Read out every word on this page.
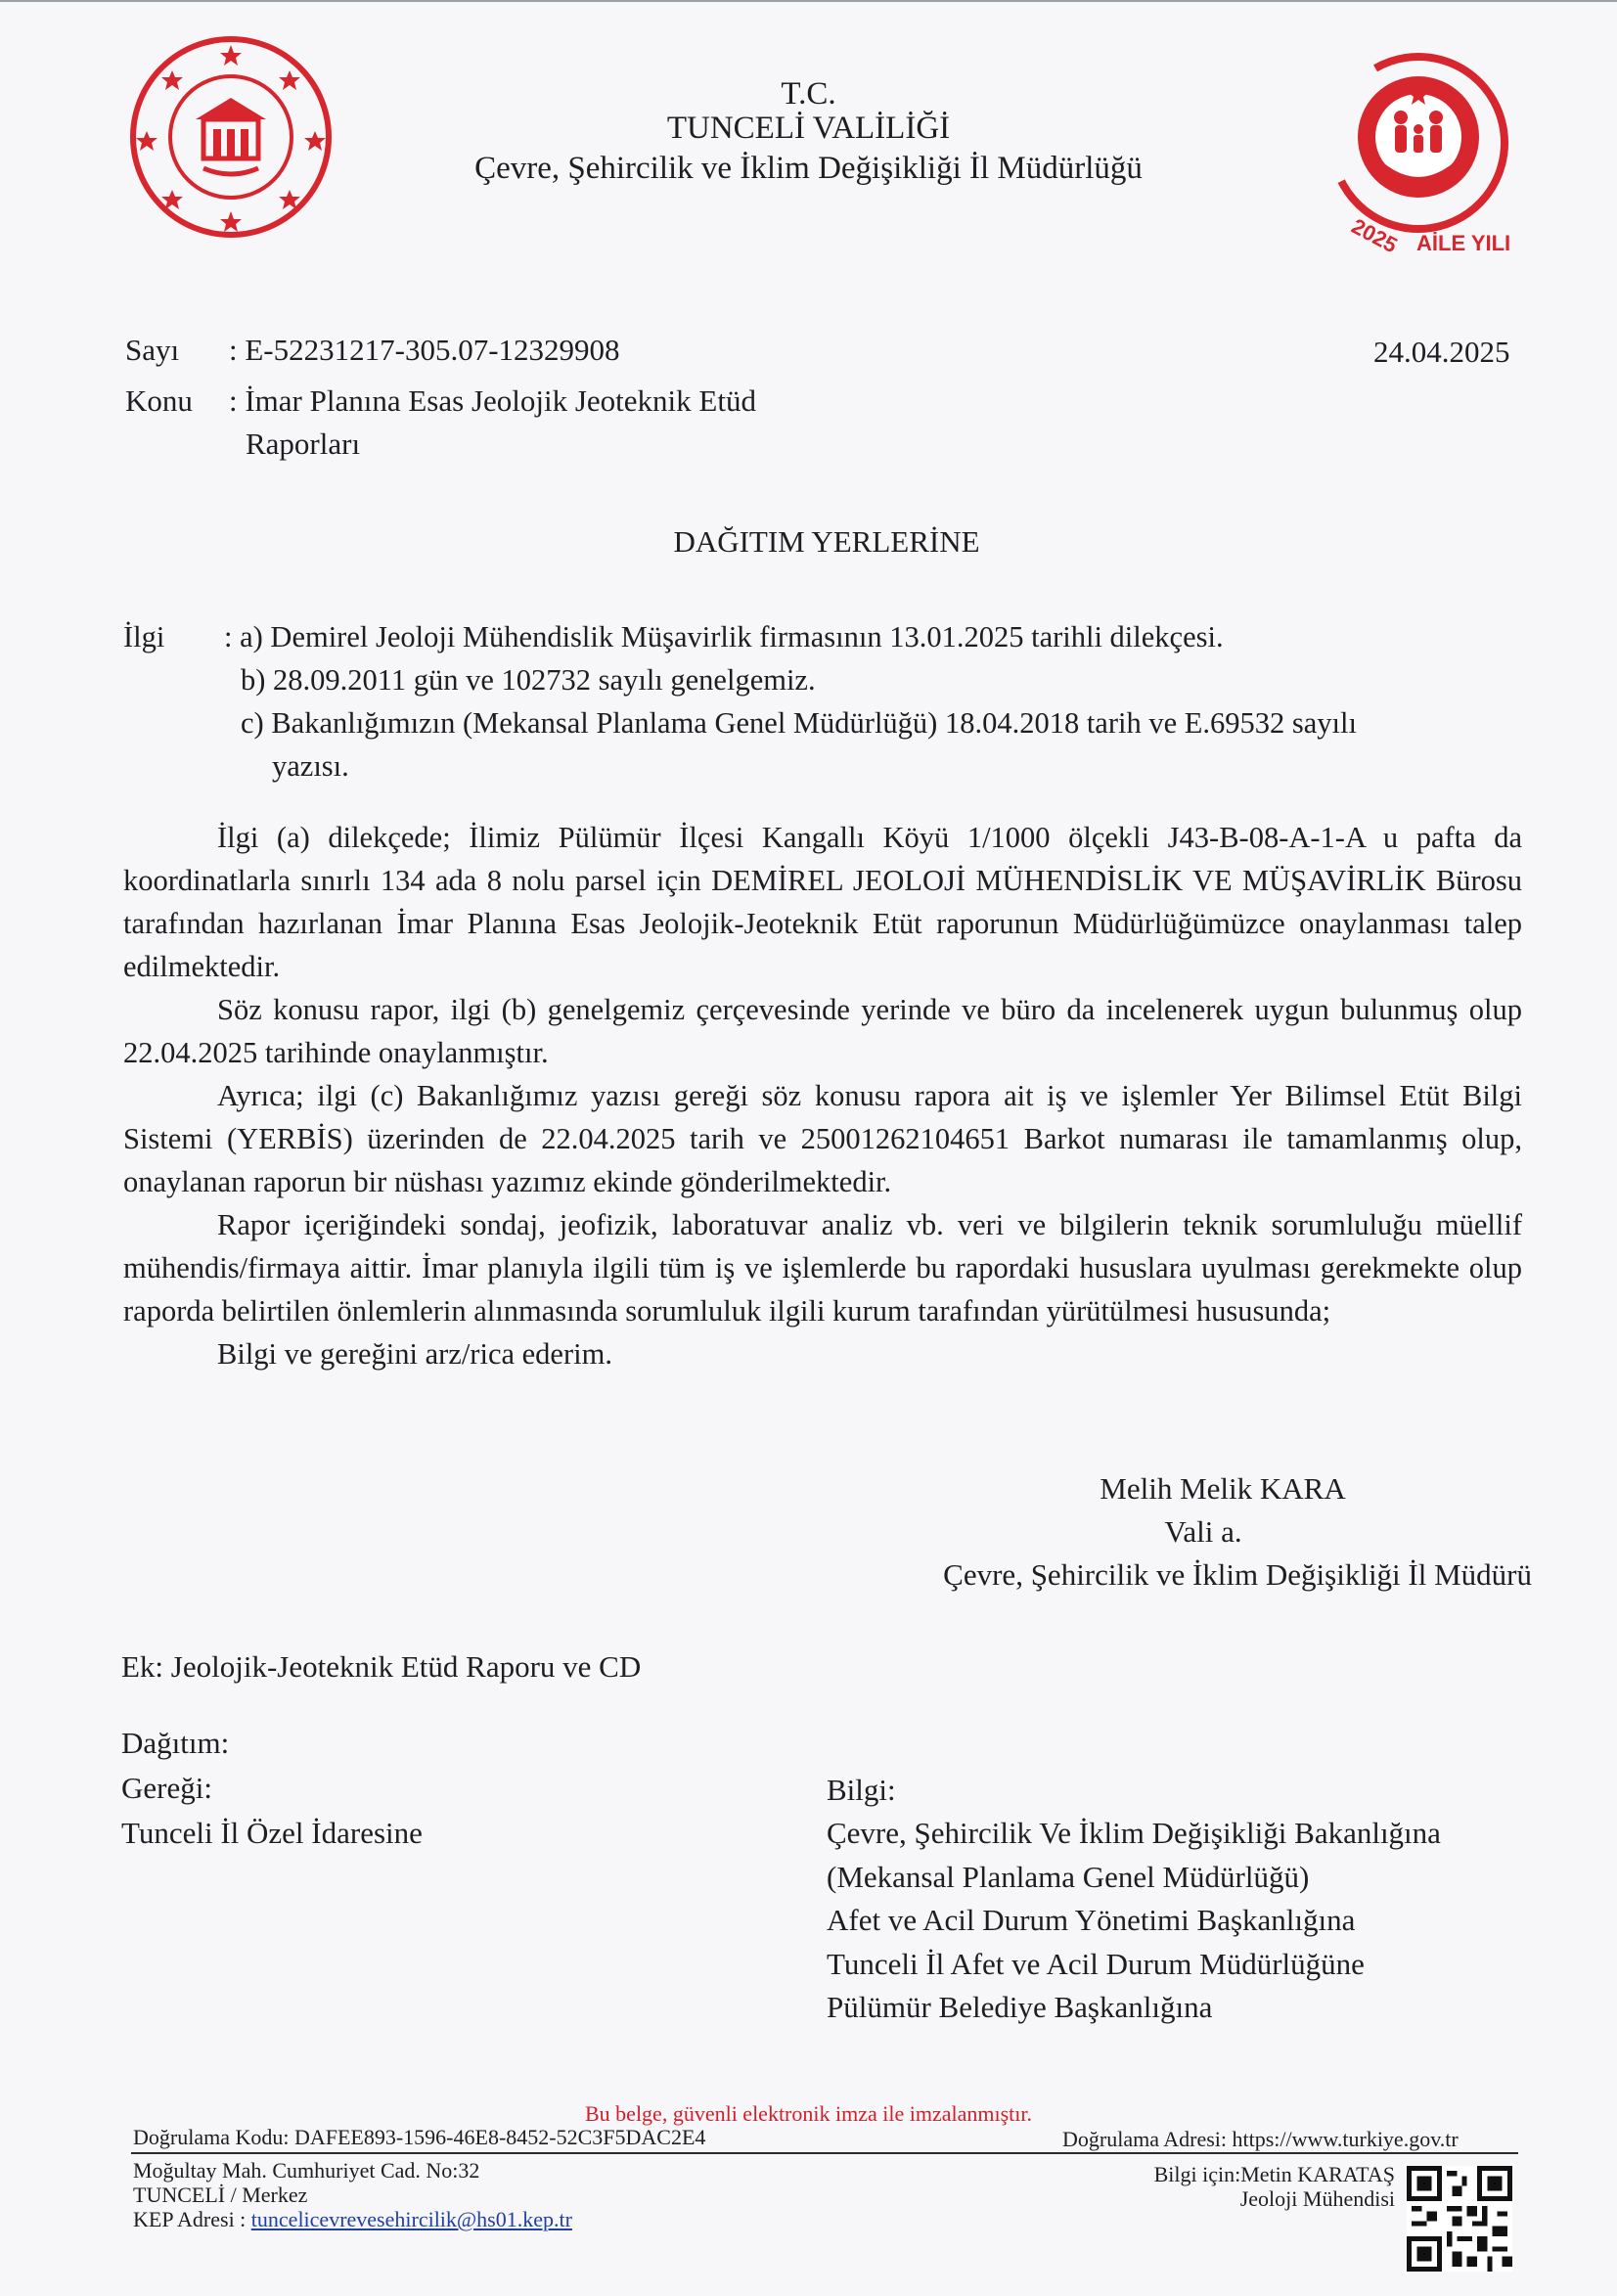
2025 AİLE YILI
T.C.
TUNCELİ VALİLİĞİ
Çevre, Şehircilik ve İklim Değişikliği İl Müdürlüğü
Sayı : E-52231217-305.07-12329908	24.04.2025
Konu : İmar Planına Esas Jeolojik Jeoteknik Etüd
Raporları
DAĞITIM YERLERİNE
İlgi : a) Demirel Jeoloji Mühendislik Müşavirlik firmasının 13.01.2025 tarihli dilekçesi.
b) 28.09.2011 gün ve 102732 sayılı genelgemiz.
c) Bakanlığımızın (Mekansal Planlama Genel Müdürlüğü) 18.04.2018 tarih ve E.69532 sayılı
yazısı.

İlgi (a) dilekçede; İlimiz Pülümür İlçesi Kangallı Köyü 1/1000 ölçekli J43-B-08-A-1-A u pafta da koordinatlarla sınırlı 134 ada 8 nolu parsel için DEMİREL JEOLOJİ MÜHENDİSLİK VE MÜŞAVİRLİK Bürosu tarafından hazırlanan İmar Planına Esas Jeolojik-Jeoteknik Etüt raporunun Müdürlüğümüzce onaylanması talep edilmektedir.

Söz konusu rapor, ilgi (b) genelgemiz çerçevesinde yerinde ve büro da incelenerek uygun bulunmuş olup 22.04.2025 tarihinde onaylanmıştır.

Ayrıca; ilgi (c) Bakanlığımız yazısı gereği söz konusu rapora ait iş ve işlemler Yer Bilimsel Etüt Bilgi Sistemi (YERBİS) üzerinden de 22.04.2025 tarih ve 25001262104651 Barkot numarası ile tamamlanmış olup, onaylanan raporun bir nüshası yazımız ekinde gönderilmektedir.

Rapor içeriğindeki sondaj, jeofizik, laboratuvar analiz vb. veri ve bilgilerin teknik sorumluluğu müellif mühendis/firmaya aittir. İmar planıyla ilgili tüm iş ve işlemlerde bu rapordaki hususlara uyulması gerekmekte olup raporda belirtilen önlemlerin alınmasında sorumluluk ilgili kurum tarafından yürütülmesi hususunda;

Bilgi ve gereğini arz/rica ederim.

Melih Melik KARA
Vali a.
Çevre, Şehircilik ve İklim Değişikliği İl Müdürü
Ek: Jeolojik-Jeoteknik Etüd Raporu ve CD
Dağıtım:
Gereği:
Tunceli İl Özel İdaresine
Bilgi:
Çevre, Şehircilik Ve İklim Değişikliği Bakanlığına
(Mekansal Planlama Genel Müdürlüğü)
Afet ve Acil Durum Yönetimi Başkanlığına
Tunceli İl Afet ve Acil Durum Müdürlüğüne
Pülümür Belediye Başkanlığına
Bu belge, güvenli elektronik imza ile imzalanmıştır.
Doğrulama Kodu: DAFEE893-1596-46E8-8452-52C3F5DAC2E4	Doğrulama Adresi: https://www.turkiye.gov.tr
Moğultay Mah. Cumhuriyet Cad. No:32
TUNCELİ / Merkez
KEP Adresi : tuncelicevrevesehircilik@hs01.kep.tr
Bilgi için:Metin KARATAŞ
Jeoloji Mühendisi
